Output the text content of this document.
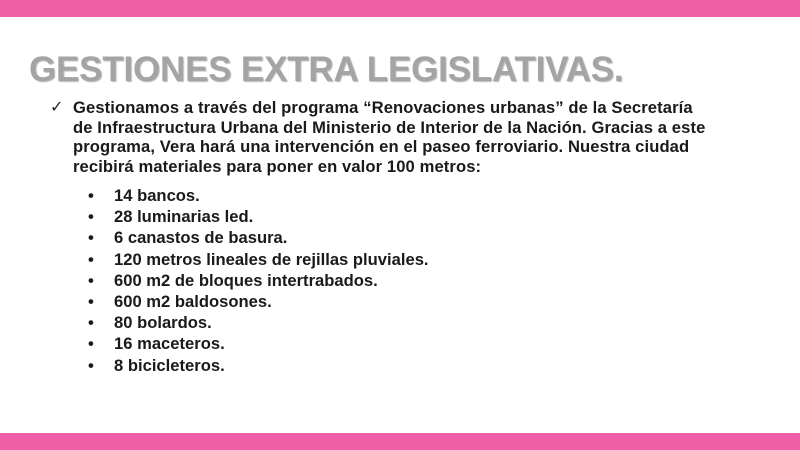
GESTIONES EXTRA LEGISLATIVAS.
✓ Gestionamos a través del programa “Renovaciones urbanas” de la Secretaría
de Infraestructura Urbana del Ministerio de Interior de la Nación. Gracias a este
programa, Vera hará una intervención en el paseo ferroviario. Nuestra ciudad
recibirá materiales para poner en valor 100 metros:

• 14 bancos.
• 28 luminarias led.
• 6 canastos de basura.
• 120 metros lineales de rejillas pluviales.
• 600 m2 de bloques intertrabados.
• 600 m2 baldosones.
• 80 bolardos.
• 16 maceteros.
• 8 bicicleteros.
